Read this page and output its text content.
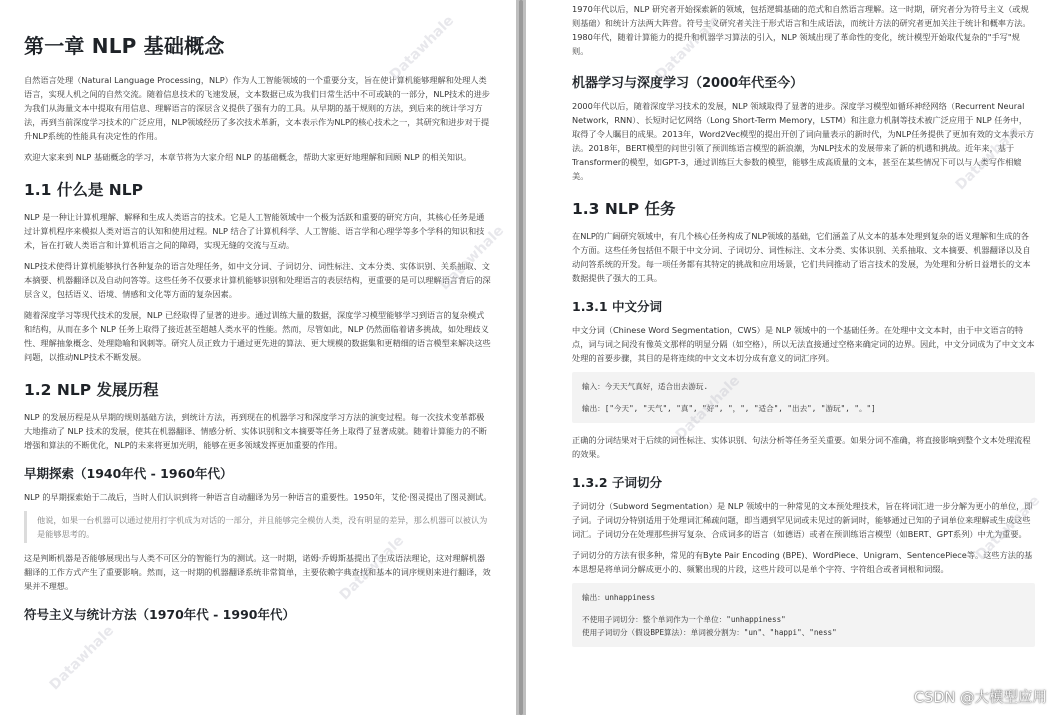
第一章 NLP 基础概念

自然语言处理（Natural Language Processing，NLP）作为人工智能领域的一个重要分支，旨在使计算机能够理解和处理人类语言，实现人机之间的自然交流。随着信息技术的飞速发展，文本数据已成为我们日常生活中不可或缺的一部分，NLP技术的进步为我们从海量文本中提取有用信息、理解语言的深层含义提供了强有力的工具。从早期的基于规则的方法，到后来的统计学习方法，再到当前深度学习技术的广泛应用，NLP领域经历了多次技术革新，文本表示作为NLP的核心技术之一，其研究和进步对于提升NLP系统的性能具有决定性的作用。

欢迎大家来到 NLP 基础概念的学习，本章节将为大家介绍 NLP 的基础概念，帮助大家更好地理解和回顾 NLP 的相关知识。

1.1 什么是 NLP

NLP 是一种让计算机理解、解释和生成人类语言的技术。它是人工智能领域中一个极为活跃和重要的研究方向，其核心任务是通过计算机程序来模拟人类对语言的认知和使用过程。NLP 结合了计算机科学、人工智能、语言学和心理学等多个学科的知识和技术，旨在打破人类语言和计算机语言之间的障碍，实现无缝的交流与互动。

NLP技术使得计算机能够执行各种复杂的语言处理任务，如中文分词、子词切分、词性标注、文本分类、实体识别、关系抽取、文本摘要、机器翻译以及自动问答等。这些任务不仅要求计算机能够识别和处理语言的表层结构，更重要的是可以理解语言背后的深层含义，包括语义、语境、情感和文化等方面的复杂因素。

随着深度学习等现代技术的发展，NLP 已经取得了显著的进步。通过训练大量的数据，深度学习模型能够学习到语言的复杂模式和结构，从而在多个 NLP 任务上取得了接近甚至超越人类水平的性能。然而，尽管如此，NLP 仍然面临着诸多挑战，如处理歧义性、理解抽象概念、处理隐喻和讽刺等。研究人员正致力于通过更先进的算法、更大规模的数据集和更精细的语言模型来解决这些问题，以推动NLP技术不断发展。

1.2 NLP 发展历程

NLP 的发展历程是从早期的规则基础方法，到统计方法，再到现在的机器学习和深度学习方法的演变过程。每一次技术变革都极大地推动了 NLP 技术的发展，使其在机器翻译、情感分析、实体识别和文本摘要等任务上取得了显著成就。随着计算能力的不断增强和算法的不断优化，NLP的未来将更加光明，能够在更多领域发挥更加重要的作用。

早期探索（1940年代 - 1960年代）

NLP 的早期探索始于二战后，当时人们认识到将一种语言自动翻译为另一种语言的重要性。1950年，艾伦·图灵提出了图灵测试。

他说，如果一台机器可以通过使用打字机成为对话的一部分，并且能够完全模仿人类，没有明显的差异，那么机器可以被认为是能够思考的。

这是判断机器是否能够展现出与人类不可区分的智能行为的测试。这一时期，诺姆·乔姆斯基提出了生成语法理论，这对理解机器翻译的工作方式产生了重要影响。然而，这一时期的机器翻译系统非常简单，主要依赖字典查找和基本的词序规则来进行翻译，效果并不理想。

符号主义与统计方法（1970年代 - 1990年代）
Datawhale
Datawhale
Datawhale
Datawhale

1970年代以后，NLP 研究者开始探索新的领域，包括逻辑基础的范式和自然语言理解。这一时期，研究者分为符号主义（或规则基础）和统计方法两大阵营。符号主义研究者关注于形式语言和生成语法，而统计方法的研究者更加关注于统计和概率方法。1980年代，随着计算能力的提升和机器学习算法的引入，NLP 领域出现了革命性的变化，统计模型开始取代复杂的"手写"规则。

机器学习与深度学习（2000年代至今）

2000年代以后，随着深度学习技术的发展，NLP 领域取得了显著的进步。深度学习模型如循环神经网络（Recurrent Neural Network，RNN）、长短时记忆网络（Long Short-Term Memory，LSTM）和注意力机制等技术被广泛应用于 NLP 任务中，取得了令人瞩目的成果。2013年，Word2Vec模型的提出开创了词向量表示的新时代，为NLP任务提供了更加有效的文本表示方法。2018年，BERT模型的问世引领了预训练语言模型的新浪潮，为NLP技术的发展带来了新的机遇和挑战。近年来，基于Transformer的模型，如GPT-3，通过训练巨大参数的模型，能够生成高质量的文本，甚至在某些情况下可以与人类写作相媲美。

1.3 NLP 任务

在NLP的广阔研究领域中，有几个核心任务构成了NLP领域的基础，它们涵盖了从文本的基本处理到复杂的语义理解和生成的各个方面。这些任务包括但不限于中文分词、子词切分、词性标注、文本分类、实体识别、关系抽取、文本摘要、机器翻译以及自动问答系统的开发。每一项任务都有其特定的挑战和应用场景，它们共同推动了语言技术的发展，为处理和分析日益增长的文本数据提供了强大的工具。

1.3.1 中文分词

中文分词（Chinese Word Segmentation，CWS）是 NLP 领域中的一个基础任务。在处理中文文本时，由于中文语言的特点，词与词之间没有像英文那样的明显分隔（如空格），所以无法直接通过空格来确定词的边界。因此，中文分词成为了中文文本处理的首要步骤，其目的是将连续的中文文本切分成有意义的词汇序列。

输入：今天天气真好，适合出去游玩.
输出：["今天", "天气", "真", "好", "，", "适合", "出去", "游玩", "。"]

正确的分词结果对于后续的词性标注、实体识别、句法分析等任务至关重要。如果分词不准确，将直接影响到整个文本处理流程的效果。

1.3.2 子词切分

子词切分（Subword Segmentation）是 NLP 领域中的一种常见的文本预处理技术，旨在将词汇进一步分解为更小的单位，即子词。子词切分特别适用于处理词汇稀疏问题，即当遇到罕见词或未见过的新词时，能够通过已知的子词单位来理解或生成这些词汇。子词切分在处理那些拼写复杂、合成词多的语言（如德语）或者在预训练语言模型（如BERT、GPT系列）中尤为重要。

子词切分的方法有很多种，常见的有Byte Pair Encoding (BPE)、WordPiece、Unigram、SentencePiece等。这些方法的基本思想是将单词分解成更小的、频繁出现的片段，这些片段可以是单个字符、字符组合或者词根和词缀。

输出：unhappiness
不使用子词切分：整个单词作为一个单位："unhappiness"
使用子词切分（假设BPE算法）：单词被分割为："un"、"happi"、"ness"
Datawhale
Datawhale
Datawhale
Datawhale
CSDN @大模型应用
